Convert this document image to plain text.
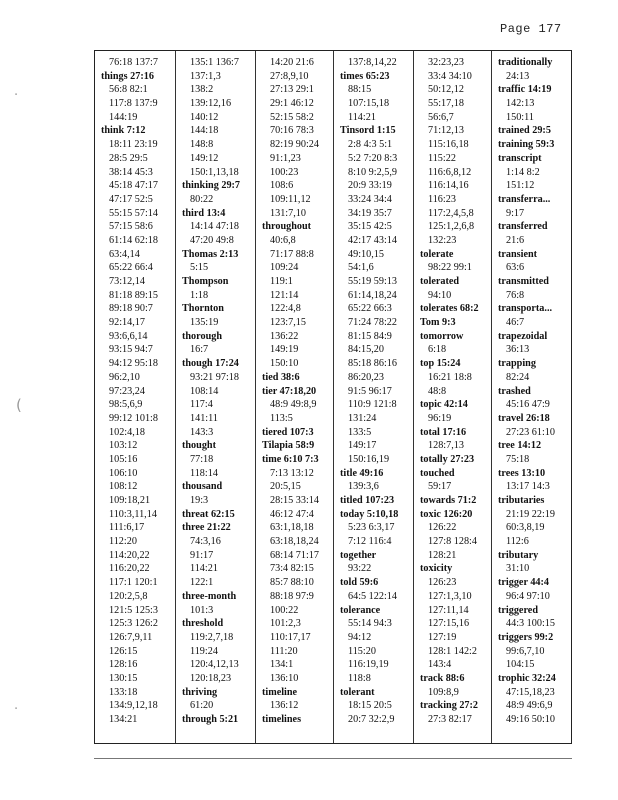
Page 177
·
(
·
76:18 137:7
things 27:16
56:8 82:1
117:8 137:9
144:19
think 7:12
18:11 23:19
28:5 29:5
38:14 45:3
45:18 47:17
47:17 52:5
55:15 57:14
57:15 58:6
61:14 62:18
63:4,14
65:22 66:4
73:12,14
81:18 89:15
89:18 90:7
92:14,17
93:6,6,14
93:15 94:7
94:12 95:18
96:2,10
97:23,24
98:5,6,9
99:12 101:8
102:4,18
103:12
105:16
106:10
108:12
109:18,21
110:3,11,14
111:6,17
112:20
114:20,22
116:20,22
117:1 120:1
120:2,5,8
121:5 125:3
125:3 126:2
126:7,9,11
126:15
128:16
130:15
133:18
134:9,12,18
134:21
135:1 136:7
137:1,3
138:2
139:12,16
140:12
144:18
148:8
149:12
150:1,13,18
thinking 29:7
80:22
third 13:4
14:14 47:18
47:20 49:8
Thomas 2:13
5:15
Thompson
1:18
Thornton
135:19
thorough
16:7
though 17:24
93:21 97:18
108:14
117:4
141:11
143:3
thought
77:18
118:14
thousand
19:3
threat 62:15
three 21:22
74:3,16
91:17
114:21
122:1
three-month
101:3
threshold
119:2,7,18
119:24
120:4,12,13
120:18,23
thriving
61:20
through 5:21
14:20 21:6
27:8,9,10
27:13 29:1
29:1 46:12
52:15 58:2
70:16 78:3
82:19 90:24
91:1,23
100:23
108:6
109:11,12
131:7,10
throughout
40:6,8
71:17 88:8
109:24
119:1
121:14
122:4,8
123:7,15
136:22
149:19
150:10
tied 38:6
tier 47:18,20
48:9 49:8,9
113:5
tiered 107:3
Tilapia 58:9
time 6:10 7:3
7:13 13:12
20:5,15
28:15 33:14
46:12 47:4
63:1,18,18
63:18,18,24
68:14 71:17
73:4 82:15
85:7 88:10
88:18 97:9
100:22
101:2,3
110:17,17
111:20
134:1
136:10
timeline
136:12
timelines
137:8,14,22
times 65:23
88:15
107:15,18
114:21
Tinsord 1:15
2:8 4:3 5:1
5:2 7:20 8:3
8:10 9:2,5,9
20:9 33:19
33:24 34:4
34:19 35:7
35:15 42:5
42:17 43:14
49:10,15
54:1,6
55:19 59:13
61:14,18,24
65:22 66:3
71:24 78:22
81:15 84:9
84:15,20
85:18 86:16
86:20,23
91:5 96:17
110:9 121:8
131:24
133:5
149:17
150:16,19
title 49:16
139:3,6
titled 107:23
today 5:10,18
5:23 6:3,17
7:12 116:4
together
93:22
told 59:6
64:5 122:14
tolerance
55:14 94:3
94:12
115:20
116:19,19
118:8
tolerant
18:15 20:5
20:7 32:2,9
32:23,23
33:4 34:10
50:12,12
55:17,18
56:6,7
71:12,13
115:16,18
115:22
116:6,8,12
116:14,16
116:23
117:2,4,5,8
125:1,2,6,8
132:23
tolerate
98:22 99:1
tolerated
94:10
tolerates 68:2
Tom 9:3
tomorrow
6:18
top 15:24
16:21 18:8
48:8
topic 42:14
96:19
total 17:16
128:7,13
totally 27:23
touched
59:17
towards 71:2
toxic 126:20
126:22
127:8 128:4
128:21
toxicity
126:23
127:1,3,10
127:11,14
127:15,16
127:19
128:1 142:2
143:4
track 88:6
109:8,9
tracking 27:2
27:3 82:17
traditionally
24:13
traffic 14:19
142:13
150:11
trained 29:5
training 59:3
transcript
1:14 8:2
151:12
transferra...
9:17
transferred
21:6
transient
63:6
transmitted
76:8
transporta...
46:7
trapezoidal
36:13
trapping
82:24
trashed
45:16 47:9
travel 26:18
27:23 61:10
tree 14:12
75:18
trees 13:10
13:17 14:3
tributaries
21:19 22:19
60:3,8,19
112:6
tributary
31:10
trigger 44:4
96:4 97:10
triggered
44:3 100:15
triggers 99:2
99:6,7,10
104:15
trophic 32:24
47:15,18,23
48:9 49:6,9
49:16 50:10
